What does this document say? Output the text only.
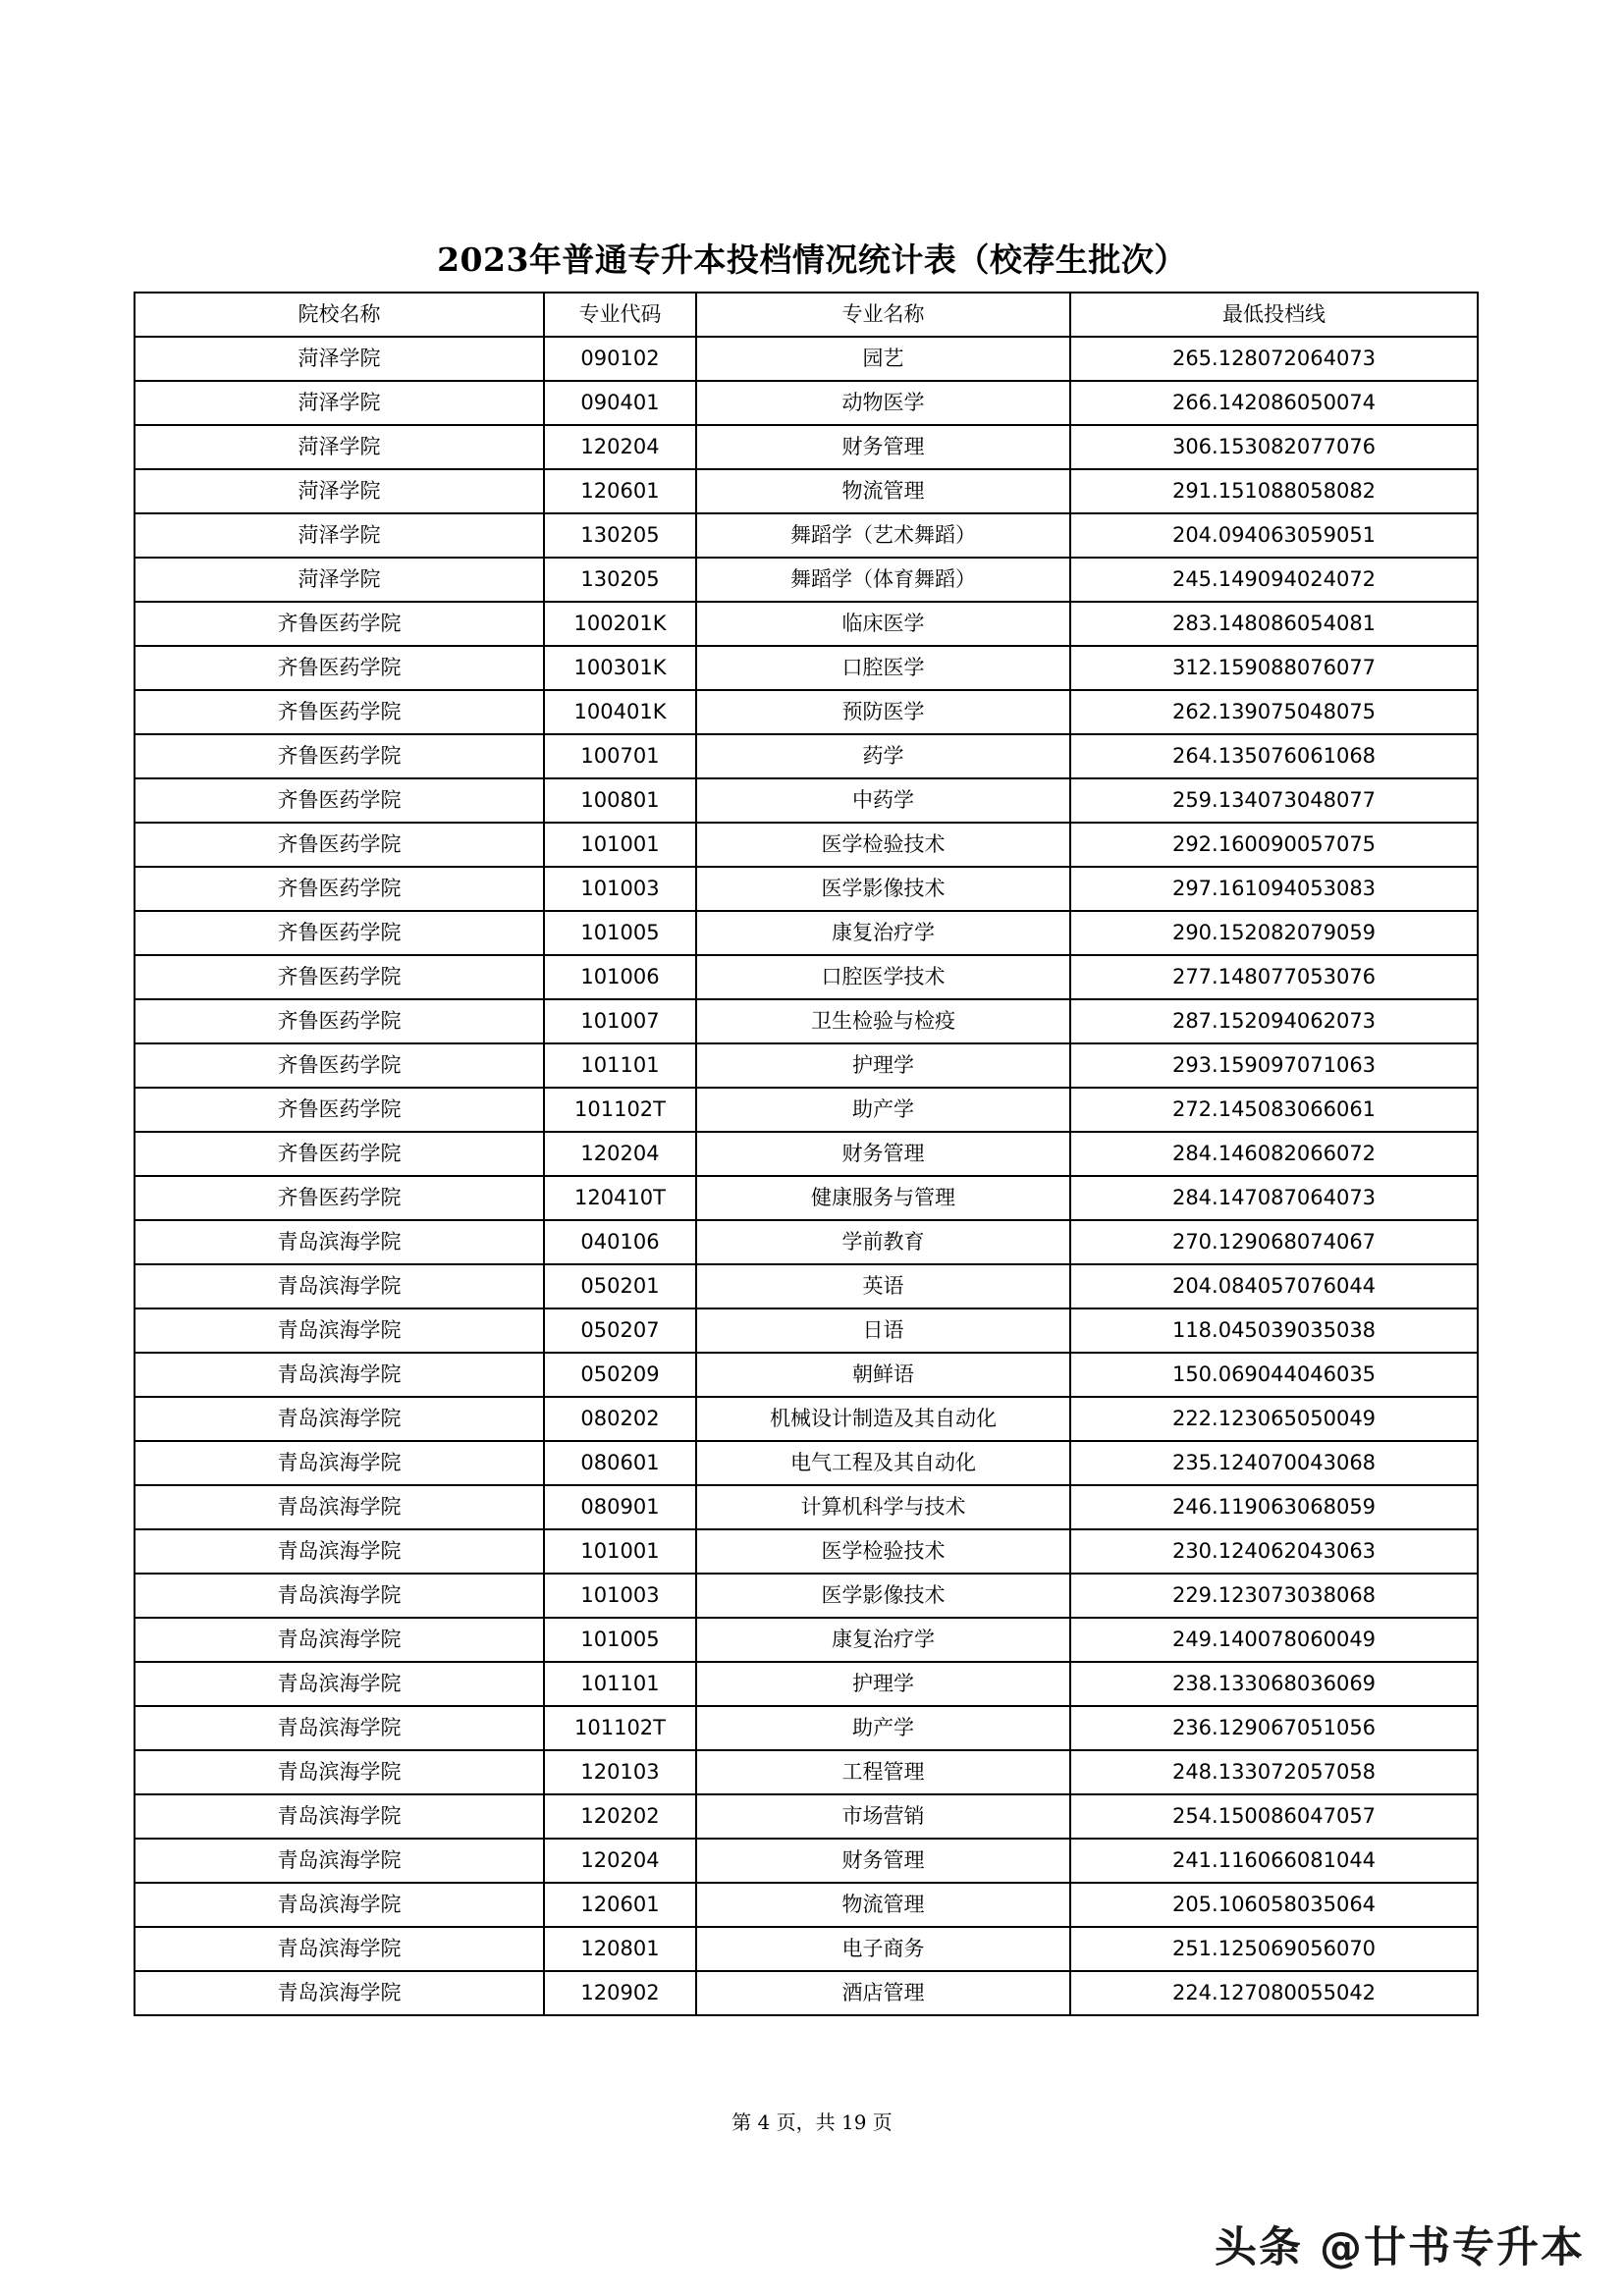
2023年普通专升本投档情况统计表（校荐生批次）
院校名称	专业代码	专业名称	最低投档线
菏泽学院	090102	园艺	265.128072064073
菏泽学院	090401	动物医学	266.142086050074
菏泽学院	120204	财务管理	306.153082077076
菏泽学院	120601	物流管理	291.151088058082
菏泽学院	130205	舞蹈学（艺术舞蹈）	204.094063059051
菏泽学院	130205	舞蹈学（体育舞蹈）	245.149094024072
齐鲁医药学院	100201K	临床医学	283.148086054081
齐鲁医药学院	100301K	口腔医学	312.159088076077
齐鲁医药学院	100401K	预防医学	262.139075048075
齐鲁医药学院	100701	药学	264.135076061068
齐鲁医药学院	100801	中药学	259.134073048077
齐鲁医药学院	101001	医学检验技术	292.160090057075
齐鲁医药学院	101003	医学影像技术	297.161094053083
齐鲁医药学院	101005	康复治疗学	290.152082079059
齐鲁医药学院	101006	口腔医学技术	277.148077053076
齐鲁医药学院	101007	卫生检验与检疫	287.152094062073
齐鲁医药学院	101101	护理学	293.159097071063
齐鲁医药学院	101102T	助产学	272.145083066061
齐鲁医药学院	120204	财务管理	284.146082066072
齐鲁医药学院	120410T	健康服务与管理	284.147087064073
青岛滨海学院	040106	学前教育	270.129068074067
青岛滨海学院	050201	英语	204.084057076044
青岛滨海学院	050207	日语	118.045039035038
青岛滨海学院	050209	朝鲜语	150.069044046035
青岛滨海学院	080202	机械设计制造及其自动化	222.123065050049
青岛滨海学院	080601	电气工程及其自动化	235.124070043068
青岛滨海学院	080901	计算机科学与技术	246.119063068059
青岛滨海学院	101001	医学检验技术	230.124062043063
青岛滨海学院	101003	医学影像技术	229.123073038068
青岛滨海学院	101005	康复治疗学	249.140078060049
青岛滨海学院	101101	护理学	238.133068036069
青岛滨海学院	101102T	助产学	236.129067051056
青岛滨海学院	120103	工程管理	248.133072057058
青岛滨海学院	120202	市场营销	254.150086047057
青岛滨海学院	120204	财务管理	241.116066081044
青岛滨海学院	120601	物流管理	205.106058035064
青岛滨海学院	120801	电子商务	251.125069056070
青岛滨海学院	120902	酒店管理	224.127080055042
第 4 页，共 19 页
头条 @廿书专升本
